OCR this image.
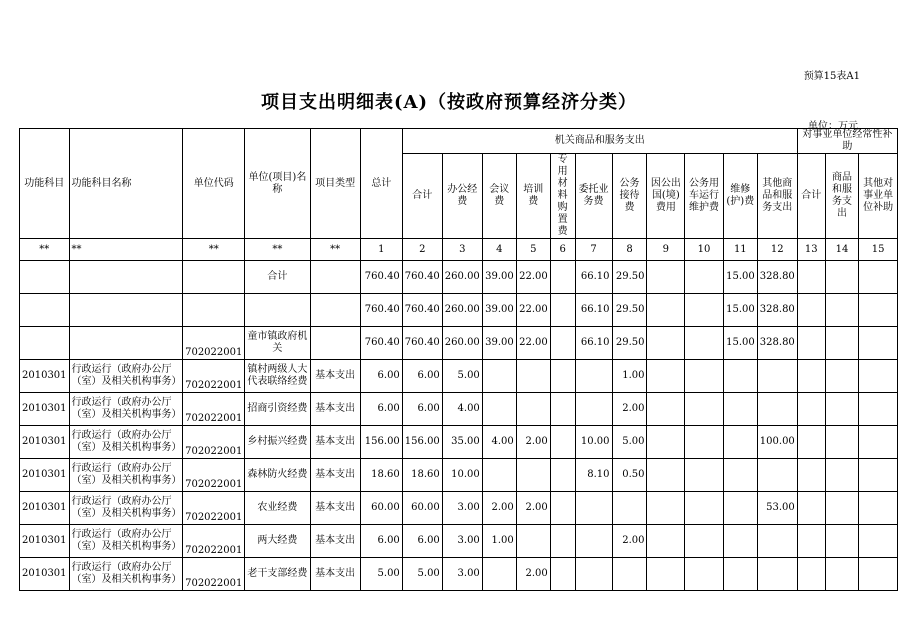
预算15表A1
项目支出明细表(A)（按政府预算经济分类）
单位：万元
功能科目	功能科目名称	单位代码	单位(项目)名称	项目类型	总计	机关商品和服务支出											对事业单位经常性补助		
						合计	办公经费	会议费	培训费	专用材料购置费	委托业务费	公务接待费	因公出国(境)费用	公务用车运行维护费	维修(护)费	其他商品和服务支出	合计	商品和服务支出	其他对事业单位补助
**	**	**	**	**	1	2	3	4	5	6	7	8	9	10	11	12	13	14	15
			合计		760.40	760.40	260.00	39.00	22.00		66.10	29.50			15.00	328.80			
					760.40	760.40	260.00	39.00	22.00		66.10	29.50			15.00	328.80			
		702022001	童市镇政府机关		760.40	760.40	260.00	39.00	22.00		66.10	29.50			15.00	328.80			
2010301	行政运行（政府办公厅（室）及相关机构事务）	702022001	镇村两级人大代表联络经费	基本支出	6.00	6.00	5.00					1.00							
2010301	行政运行（政府办公厅（室）及相关机构事务）	702022001	招商引资经费	基本支出	6.00	6.00	4.00					2.00							
2010301	行政运行（政府办公厅（室）及相关机构事务）	702022001	乡村振兴经费	基本支出	156.00	156.00	35.00	4.00	2.00		10.00	5.00				100.00			
2010301	行政运行（政府办公厅（室）及相关机构事务）	702022001	森林防火经费	基本支出	18.60	18.60	10.00				8.10	0.50							
2010301	行政运行（政府办公厅（室）及相关机构事务）	702022001	农业经费	基本支出	60.00	60.00	3.00	2.00	2.00							53.00			
2010301	行政运行（政府办公厅（室）及相关机构事务）	702022001	两大经费	基本支出	6.00	6.00	3.00	1.00				2.00							
2010301	行政运行（政府办公厅（室）及相关机构事务）	702022001	老干支部经费	基本支出	5.00	5.00	3.00		2.00										
